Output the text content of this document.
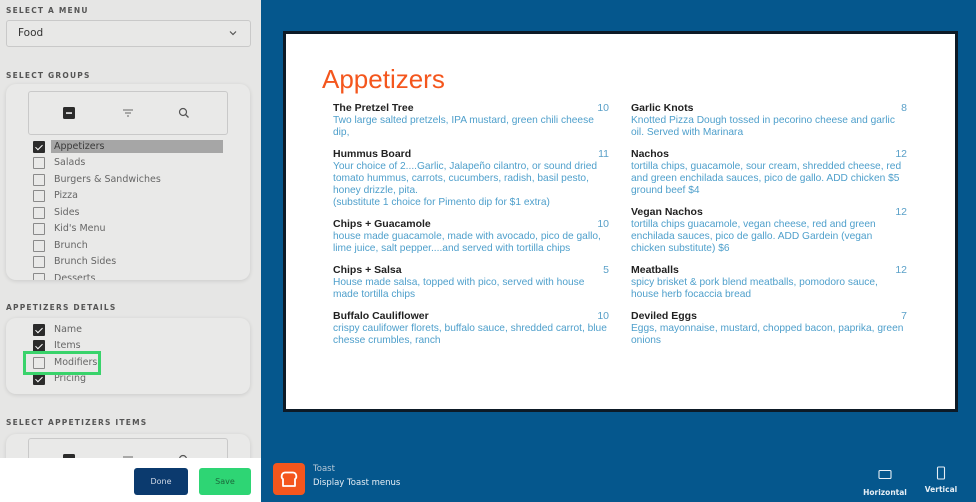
SELECT A MENU
Food
SELECT GROUPS
Appetizers
Salads
Burgers & Sandwiches
Pizza
Sides
Kid's Menu
Brunch
Brunch Sides
Desserts
APPETIZERS DETAILS
Name
Items
Modifiers
Pricing
SELECT APPETIZERS ITEMS
Done	Save
Appetizers
The Pretzel Tree	10
Two large salted pretzels, IPA mustard, green chili cheese dip,
Hummus Board	11
Your choice of 2....Garlic, Jalapeño cilantro, or sound dried tomato hummus, carrots, cucumbers, radish, basil pesto, honey drizzle, pita.
(substitute 1 choice for Pimento dip for $1 extra)
Chips + Guacamole	10
house made guacamole, made with avocado, pico de gallo, lime juice, salt pepper....and served with tortilla chips
Chips + Salsa	5
House made salsa, topped with pico, served with house made tortilla chips
Buffalo Cauliflower	10
crispy caulifower florets, buffalo sauce, shredded carrot, blue chesse crumbles, ranch
Garlic Knots	8
Knotted Pizza Dough tossed in pecorino cheese and garlic oil. Served with Marinara
Nachos	12
tortilla chips, guacamole, sour cream, shredded cheese, red and green enchilada sauces, pico de gallo. ADD chicken $5 ground beef $4
Vegan Nachos	12
tortilla chips guacamole, vegan cheese, red and green enchilada sauces, pico de gallo. ADD Gardein (vegan chicken substitute) $6
Meatballs	12
spicy brisket & pork blend meatballs, pomodoro sauce, house herb focaccia bread
Deviled Eggs	7
Eggs, mayonnaise, mustard, chopped bacon, paprika, green onions
Toast
Display Toast menus
Horizontal Vertical
